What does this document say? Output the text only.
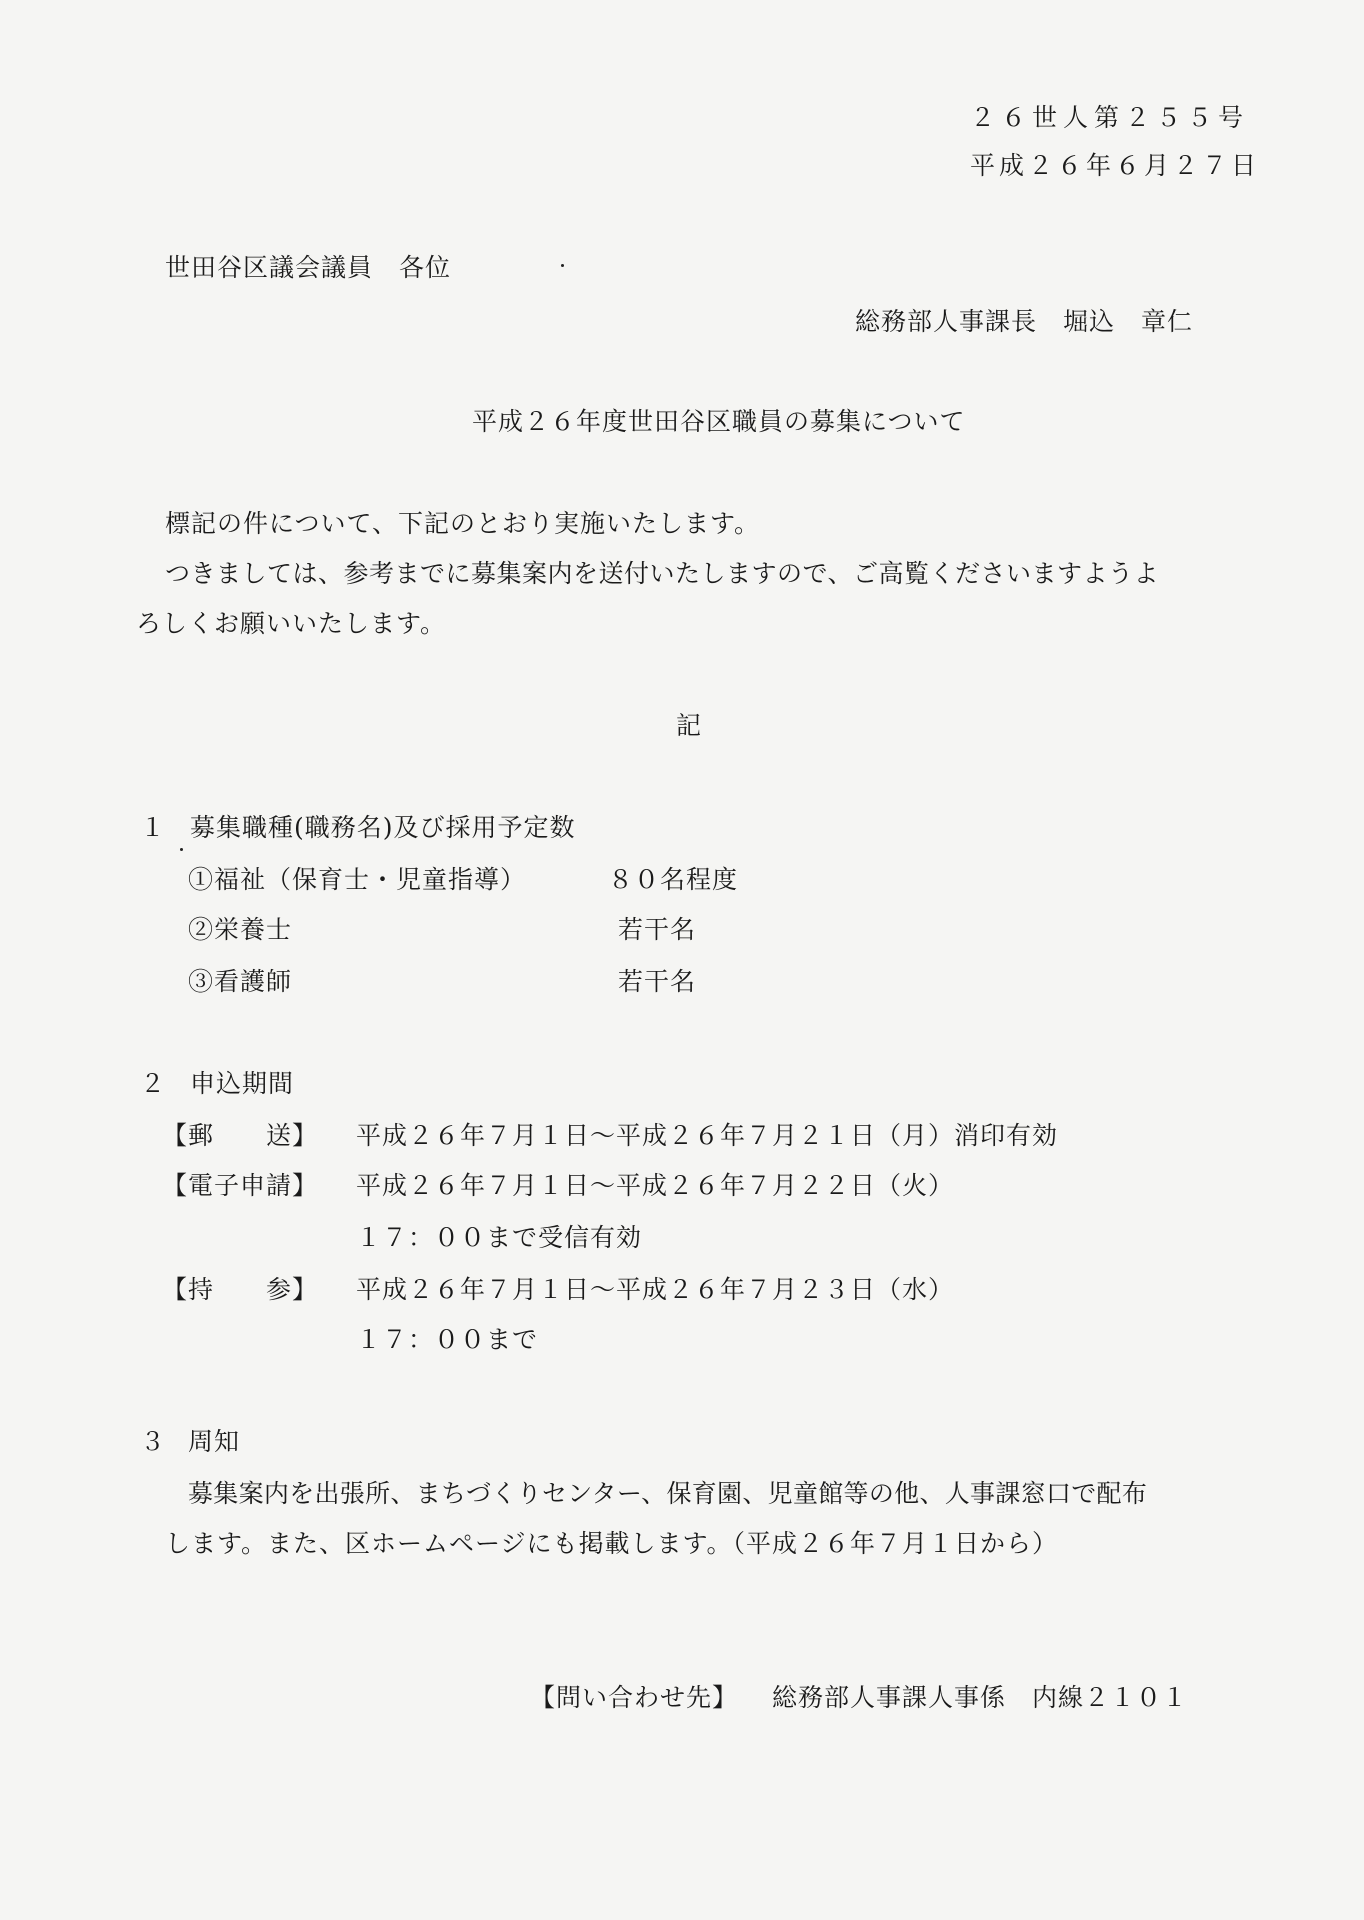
２６世人第２５５号
平成２６年６月２７日
世田谷区議会議員　各位
総務部人事課長　堀込　章仁
平成２６年度世田谷区職員の募集について
標記の件について、下記のとおり実施いたします。
つきましては、参考までに募集案内を送付いたしますので、ご高覧くださいますようよ
ろしくお願いいたします。
記
１ 募集職種(職務名)及び採用予定数
①福祉（保育士・児童指導）	８０名程度
②栄養士	若干名
③看護師	若干名
２ 申込期間
【郵　　送】 平成２６年７月１日～平成２６年７月２１日（月）消印有効
【電子申請】 平成２６年７月１日～平成２６年７月２２日（火）
１７：００まで受信有効
【持　　参】 平成２６年７月１日～平成２６年７月２３日（水）
１７：００まで
３ 周知
募集案内を出張所、まちづくりセンター、保育園、児童館等の他、人事課窓口で配布
します。また、区ホームページにも掲載します。（平成２６年７月１日から）
【問い合わせ先】 総務部人事課人事係　内線２１０１
